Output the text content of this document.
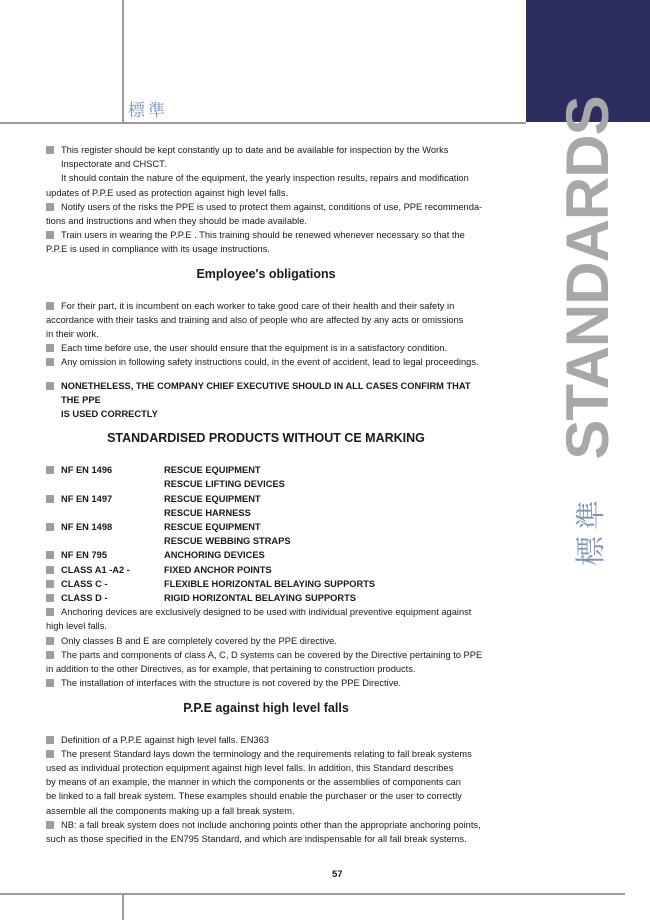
標準	STANDARDS
標準

This register should be kept constantly up to date and be available for inspection by the Works

Inspectorate and CHSCT.

It should contain the nature of the equipment, the yearly inspection results, repairs and modification

updates of P.P.E used as protection against high level falls.

Notify users of the risks the PPE is used to protect them against, conditions of use, PPE recommenda-

tions and instructions and when they should be made available.

Train users in wearing the P.P.E . This training should be renewed whenever necessary so that the

P.P.E is used in compliance with its usage instructions.

Employee's obligations

For their part, it is incumbent on each worker to take good care of their health and their safety in

accordance with their tasks and training and also of people who are affected by any acts or omissions

in their work.

Each time before use, the user should ensure that the equipment is in a satisfactory condition.

Any omission in following safety instructions could, in the event of accident, lead to legal proceedings.

NONETHELESS, THE COMPANY CHIEF EXECUTIVE SHOULD IN ALL CASES CONFIRM THAT THE PPE

IS USED CORRECTLY

STANDARDISED PRODUCTS WITHOUT CE MARKING
NF EN 1496	RESCUE EQUIPMENT
RESCUE LIFTING DEVICES
NF EN 1497	RESCUE EQUIPMENT
RESCUE HARNESS
NF EN 1498	RESCUE EQUIPMENT
RESCUE WEBBING STRAPS
NF EN 795	ANCHORING DEVICES
CLASS A1 -A2 -	FIXED ANCHOR POINTS
CLASS C -	FLEXIBLE HORIZONTAL BELAYING SUPPORTS
CLASS D -	RIGID HORIZONTAL BELAYING SUPPORTS

Anchoring devices are exclusively designed to be used with individual preventive equipment against

high level falls.

Only classes B and E are completely covered by the PPE directive.

The parts and components of class A, C, D systems can be covered by the Directive pertaining to PPE

in addition to the other Directives, as for example, that pertaining to construction products.

The installation of interfaces with the structure is not covered by the PPE Directive.

P.P.E against high level falls

Definition of a P.P.E against high level falls. EN363

The present Standard lays down the terminology and the requirements relating to fall break systems

used as individual protection equipment against high level falls. In addition, this Standard describes

by means of an example, the manner in which the components or the assemblies of components can

be linked to a fall break system. These examples should enable the purchaser or the user to correctly

assemble all the components making up a fall break system.

NB: a fall break system does not include anchoring points other than the appropriate anchoring points,

such as those specified in the EN795 Standard, and which are indispensable for all fall break systems.

57
